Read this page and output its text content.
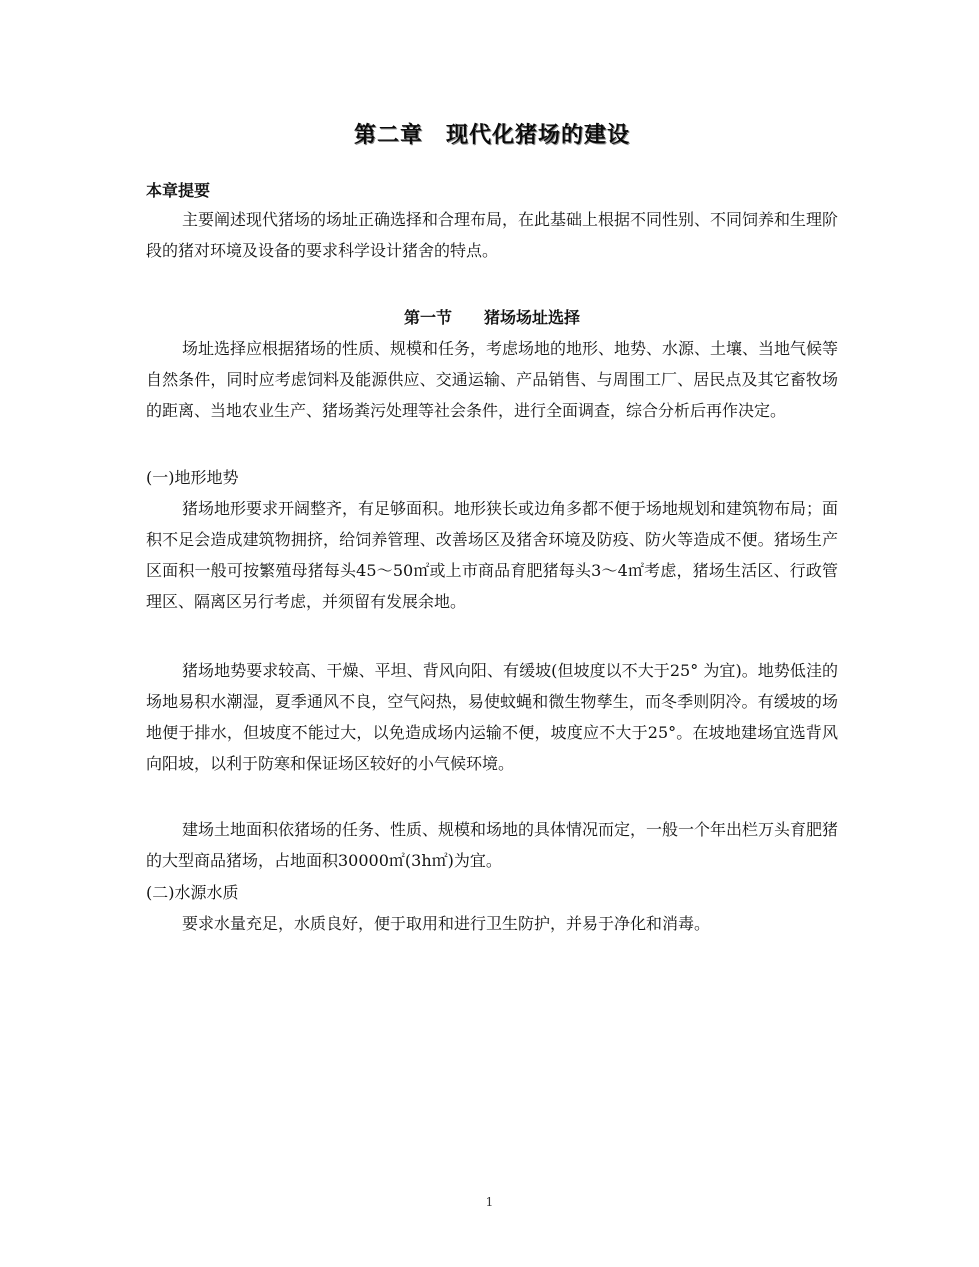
第二章　现代化猪场的建设
本章提要

主要阐述现代猪场的场址正确选择和合理布局，在此基础上根据不同性别、不同饲养和生理阶段的猪对环境及设备的要求科学设计猪舍的特点。

第一节　　猪场场址选择

场址选择应根据猪场的性质、规模和任务，考虑场地的地形、地势、水源、土壤、当地气候等自然条件，同时应考虑饲料及能源供应、交通运输、产品销售、与周围工厂、居民点及其它畜牧场的距离、当地农业生产、猪场粪污处理等社会条件，进行全面调查，综合分析后再作决定。

(一)地形地势

猪场地形要求开阔整齐，有足够面积。地形狭长或边角多都不便于场地规划和建筑物布局；面积不足会造成建筑物拥挤，给饲养管理、改善场区及猪舍环境及防疫、防火等造成不便。猪场生产区面积一般可按繁殖母猪每头45～50㎡或上市商品育肥猪每头3～4㎡考虑，猪场生活区、行政管理区、隔离区另行考虑，并须留有发展余地。

猪场地势要求较高、干燥、平坦、背风向阳、有缓坡(但坡度以不大于25° 为宜)。地势低洼的场地易积水潮湿，夏季通风不良，空气闷热，易使蚊蝇和微生物孳生，而冬季则阴冷。有缓坡的场地便于排水，但坡度不能过大，以免造成场内运输不便，坡度应不大于25°。在坡地建场宜选背风向阳坡，以利于防寒和保证场区较好的小气候环境。

建场土地面积依猪场的任务、性质、规模和场地的具体情况而定，一般一个年出栏万头育肥猪的大型商品猪场，占地面积30000㎡(3h㎡)为宜。

(二)水源水质

要求水量充足，水质良好，便于取用和进行卫生防护，并易于净化和消毒。

1
